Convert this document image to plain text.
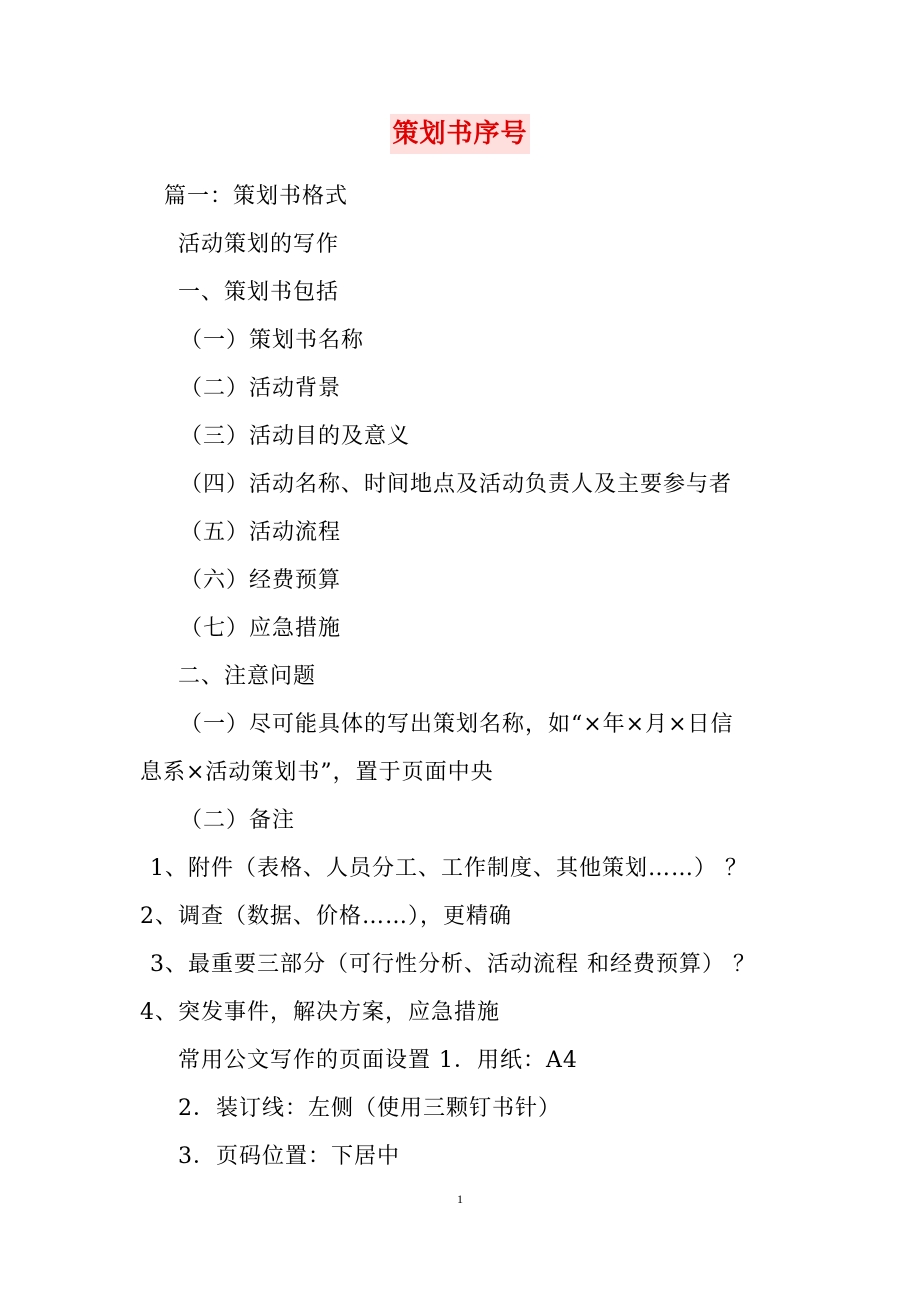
策划书序号
篇一：策划书格式
活动策划的写作
一、策划书包括
（一）策划书名称
（二）活动背景
（三）活动目的及意义
（四）活动名称、时间地点及活动负责人及主要参与者
（五）活动流程
（六）经费预算
（七）应急措施
二、注意问题
（一）尽可能具体的写出策划名称，如“×年×月×日信
息系×活动策划书”，置于页面中央
（二）备注
1、附件（表格、人员分工、工作制度、其他策划……） ？
2、调查（数据、价格……），更精确
3、最重要三部分（可行性分析、活动流程 和经费预算） ？
4、突发事件，解决方案，应急措施
常用公文写作的页面设置 1．用纸：A4
2．装订线：左侧（使用三颗钉书针）
3．页码位置：下居中
1
